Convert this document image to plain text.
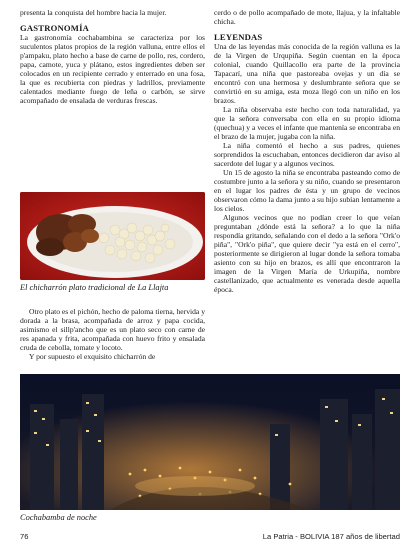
presenta la conquista del hombre hacia la mujer.

GASTRONOMÍA

La gastronomía cochabambina se caracteriza por los suculentos platos propios de la región valluna, entre ellos el p'ampaku, plato hecho a base de carne de pollo, res, cordero, papa, camote, yuca y plátano, estos ingredientes deben ser colocados en un recipiente cerrado y enterrado en una fosa, la que es recubierta con piedras y ladrillos, previamente calentados mediante fuego de leña o carbón, se sirve acompañado de ensalada de verduras frescas.

El chicharrón plato tradicional de La Llajta

Otro plato es el pichón, hecho de paloma tierna, hervida y dorada a la brasa, acompañada de arroz y papa cocida, asimismo el sillp'ancho que es un plato seco con carne de res apanada y frita, acompañada con huevo frito y ensalada cruda de cebolla, tomate y locoto.

Y por supuesto el exquisito chicharrón de

cerdo o de pollo acompañado de mote, llajua, y la infaltable chicha.

LEYENDAS

Una de las leyendas más conocida de la región valluna es la de la Virgen de Urqupiña. Según cuentan en la época colonial, cuando Quillacollo era parte de la provincia Tapacarí, una niña que pastoreaba ovejas y un día se encontró con una hermosa y deslumbrante señora que se convirtió en su amiga, esta moza llegó con un niño en los brazos.

La niña observaba este hecho con toda naturalidad, ya que la señora conversaba con ella en su propio idioma (quechua) y a veces el infante que mantenía se encontraba en el brazo de la mujer, jugaba con la niña.

La niña comentó el hecho a sus padres, quienes sorprendidos la escuchaban, entonces decidieron dar aviso al sacerdote del lugar y a algunos vecinos.

Un 15 de agosto la niña se encontraba pasteando como de costumbre junto a la señora y su niño, cuando se presentaron en el lugar los padres de ésta y un grupo de vecinos observaron cómo la dama junto a su hijo subían lentamente a los cielos.

Algunos vecinos que no podían creer lo que veían preguntaban ¿dónde está la señora? a lo que la niña respondía gritando, señalando con el dedo a la señora "Ork'o piña", "Ork'o piña", que quiere decir "ya está en el cerro", posteriormente se dirigieron al lugar donde la señora tomaba asiento con su hijo en brazos, es allí que encontraron la imagen de la Virgen María de Urkupiña, nombre castellanizado, que actualmente es venerada desde aquella época.

Cochabamba de noche
76	La Patria - BOLIVIA 187 años de libertad
